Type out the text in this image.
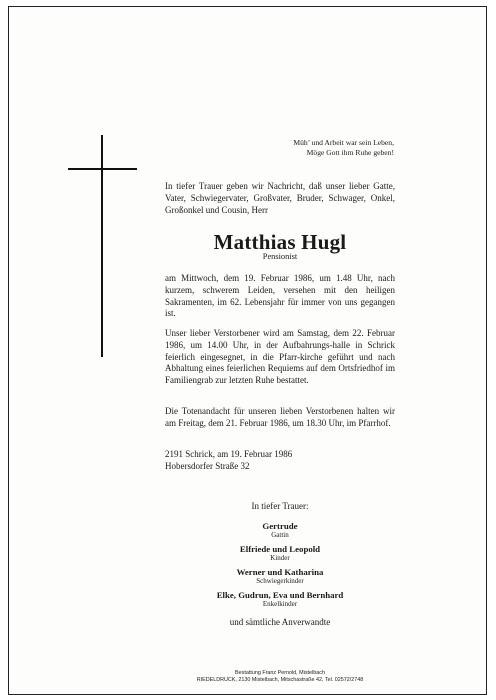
Müh’ und Arbeit war sein Leben,
Möge Gott ihm Ruhe geben!
In tiefer Trauer geben wir Nachricht, daß unser lieber Gatte, Vater, Schwiegervater, Großvater, Bruder, Schwager, Onkel, Großonkel und Cousin, Herr
Matthias Hugl
Pensionist
am Mittwoch, dem 19. Februar 1986, um 1.48 Uhr, nach kurzem, schwerem Leiden, versehen mit den heiligen Sakramenten, im 62. Lebensjahr für immer von uns gegangen ist.
Unser lieber Verstorbener wird am Samstag, dem 22. Februar 1986, um 14.00 Uhr, in der Aufbahrungs-halle in Schrick feierlich eingesegnet, in die Pfarr-kirche geführt und nach Abhaltung eines feierlichen Requiems auf dem Ortsfriedhof im Familiengrab zur letzten Ruhe bestattet.
Die Totenandacht für unseren lieben Verstorbenen halten wir am Freitag, dem 21. Februar 1986, um 18.30 Uhr, im Pfarrhof.
2191 Schrick, am 19. Februar 1986
Hobersdorfer Straße 32
In tiefer Trauer:
Gertrude
Gattin
Elfriede und Leopold
Kinder
Werner und Katharina
Schwiegerkinder
Elke, Gudrun, Eva und Bernhard
Enkelkinder
und sämtliche Anverwandte
Bestattung Franz Pernold, Mistelbach
RIEDELDRUCK, 2130 Mistelbach, Mitschastraße 42, Tel. 02572/2748
